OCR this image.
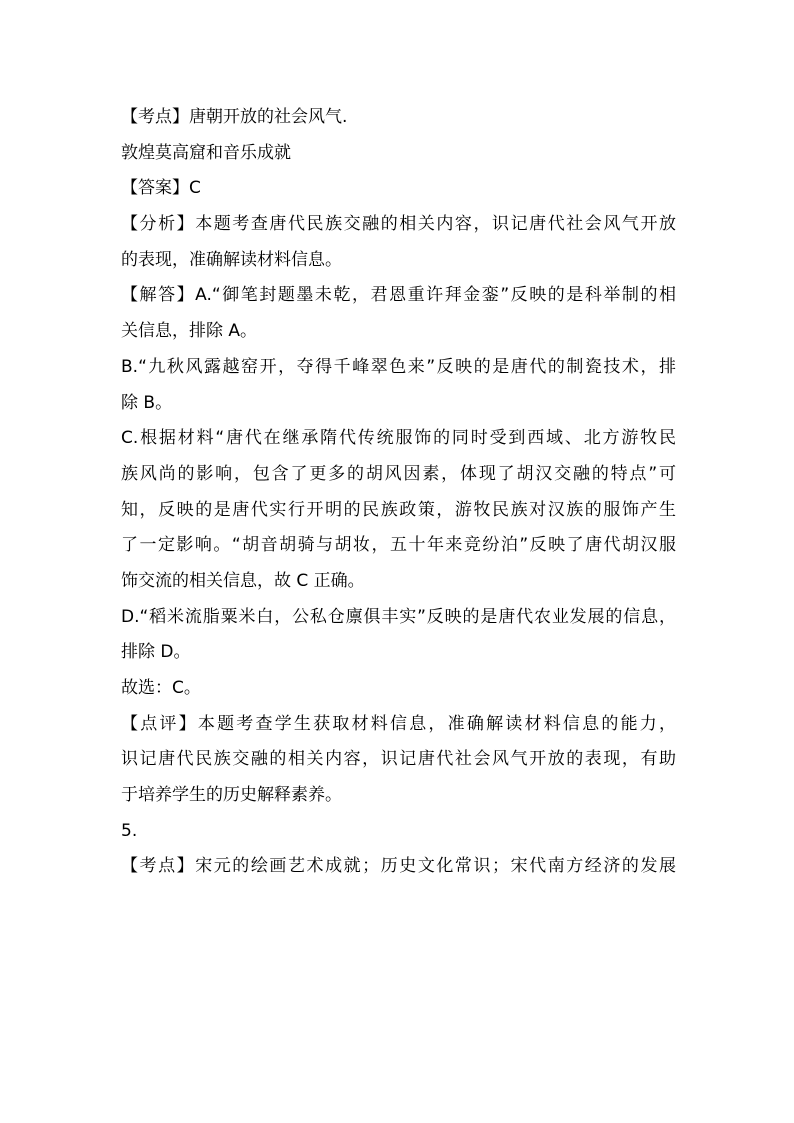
【考点】唐朝开放的社会风气.
敦煌莫高窟和音乐成就
【答案】C
【分析】本题考查唐代民族交融的相关内容，识记唐代社会风气开放
的表现，准确解读材料信息。
【解答】A.“御笔封题墨未乾，君恩重许拜金銮”反映的是科举制的相
关信息，排除 A。
B.“九秋风露越窑开，夺得千峰翠色来”反映的是唐代的制瓷技术，排
除 B。
C.根据材料“唐代在继承隋代传统服饰的同时受到西域、北方游牧民
族风尚的影响，包含了更多的胡风因素，体现了胡汉交融的特点”可
知，反映的是唐代实行开明的民族政策，游牧民族对汉族的服饰产生
了一定影响。“胡音胡骑与胡妆，五十年来竞纷泊”反映了唐代胡汉服
饰交流的相关信息，故 C 正确。
D.“稻米流脂粟米白，公私仓廪俱丰实”反映的是唐代农业发展的信息，
排除 D。
故选：C。
【点评】本题考查学生获取材料信息，准确解读材料信息的能力，
识记唐代民族交融的相关内容，识记唐代社会风气开放的表现，有助
于培养学生的历史解释素养。
5.
【考点】宋元的绘画艺术成就；历史文化常识；宋代南方经济的发展
